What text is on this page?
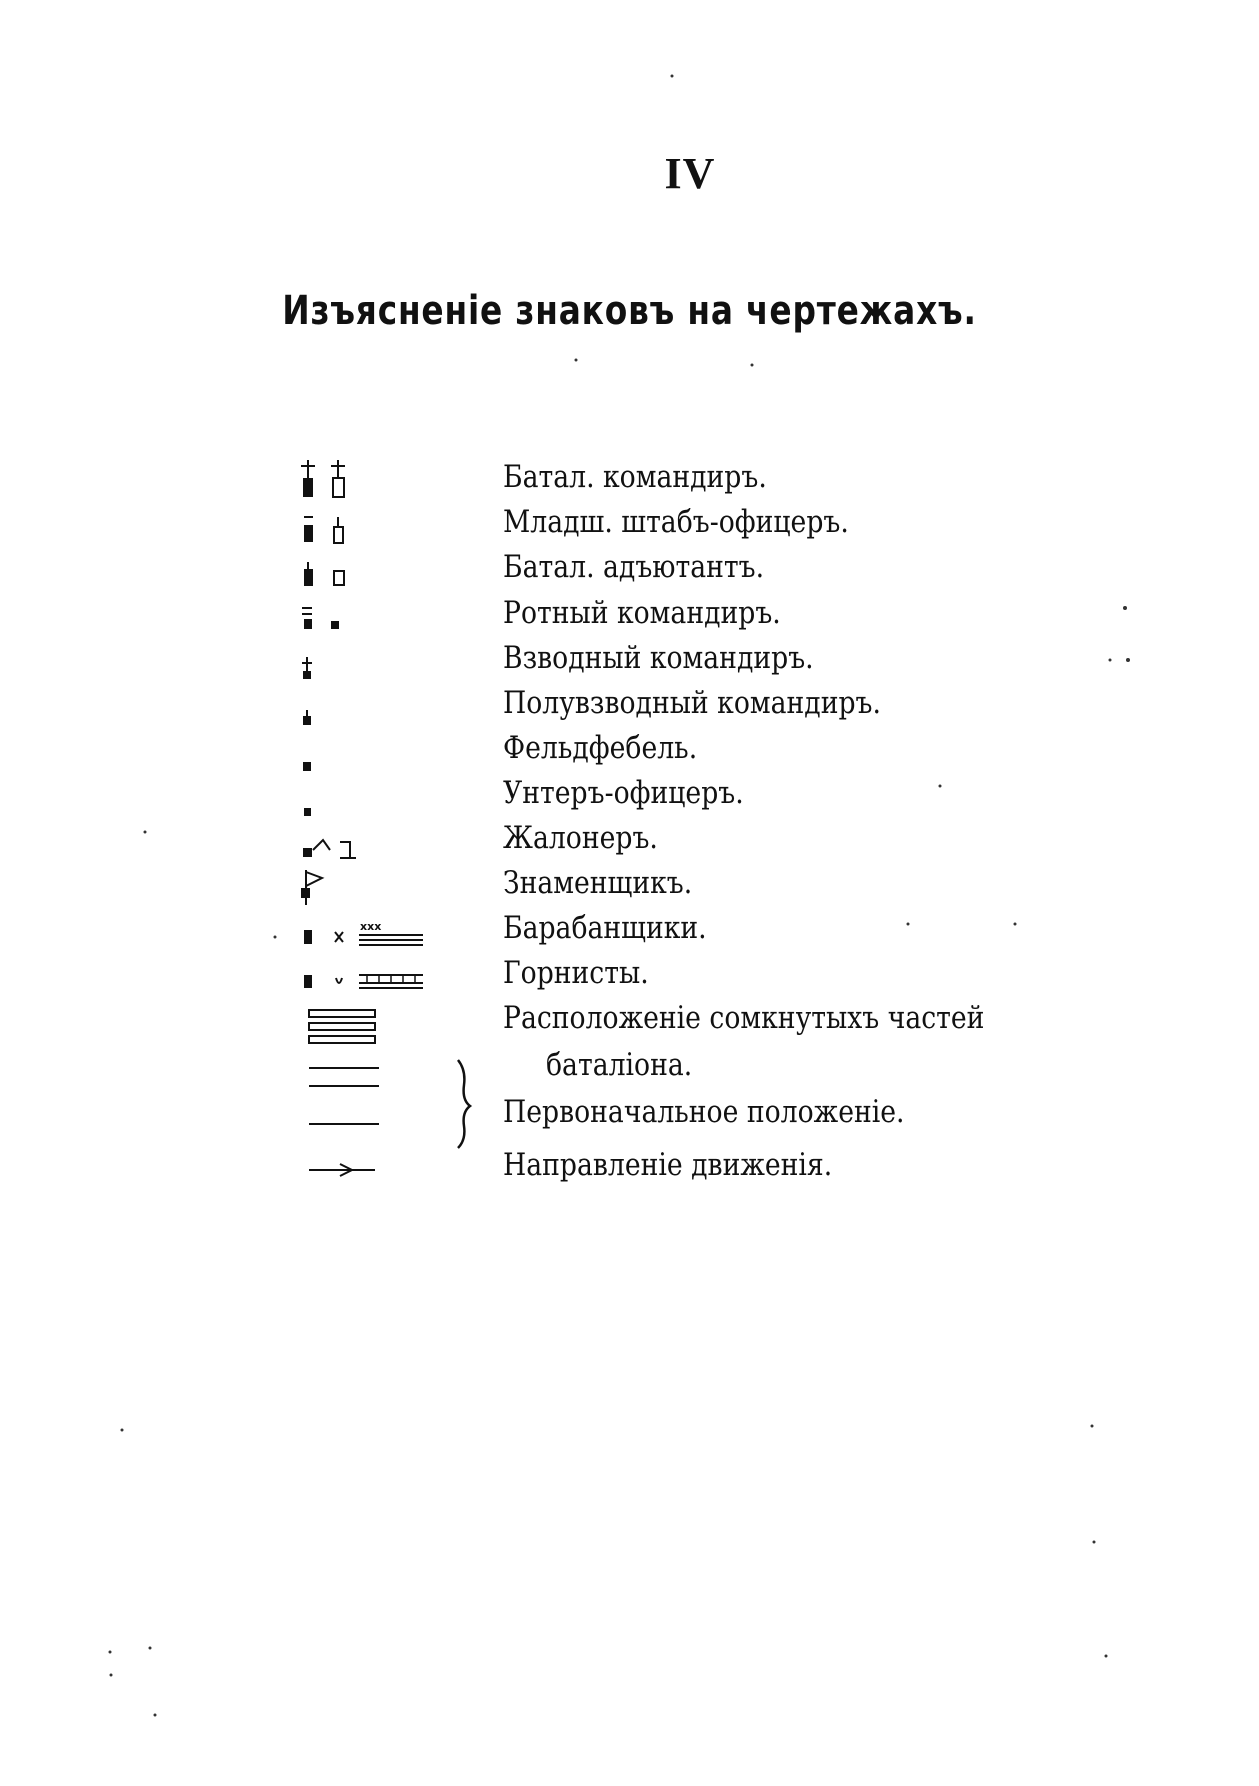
IV
Изъясненіе знаковъ на чертежахъ.
Батал. командиръ.
Младш. штабъ-офицеръ.
Батал. адъютантъ.
Ротный командиръ.
Взводный командиръ.
Полувзводный командиръ.
Фельдфебель.
Унтеръ-офицеръ.
Жалонеръ.
Знаменщикъ.
Барабанщики.
Горнисты.
Расположеніе сомкнутыхъ частей
баталіона.
Первоначальное положеніе.
Направленіе движенія.
xxx
